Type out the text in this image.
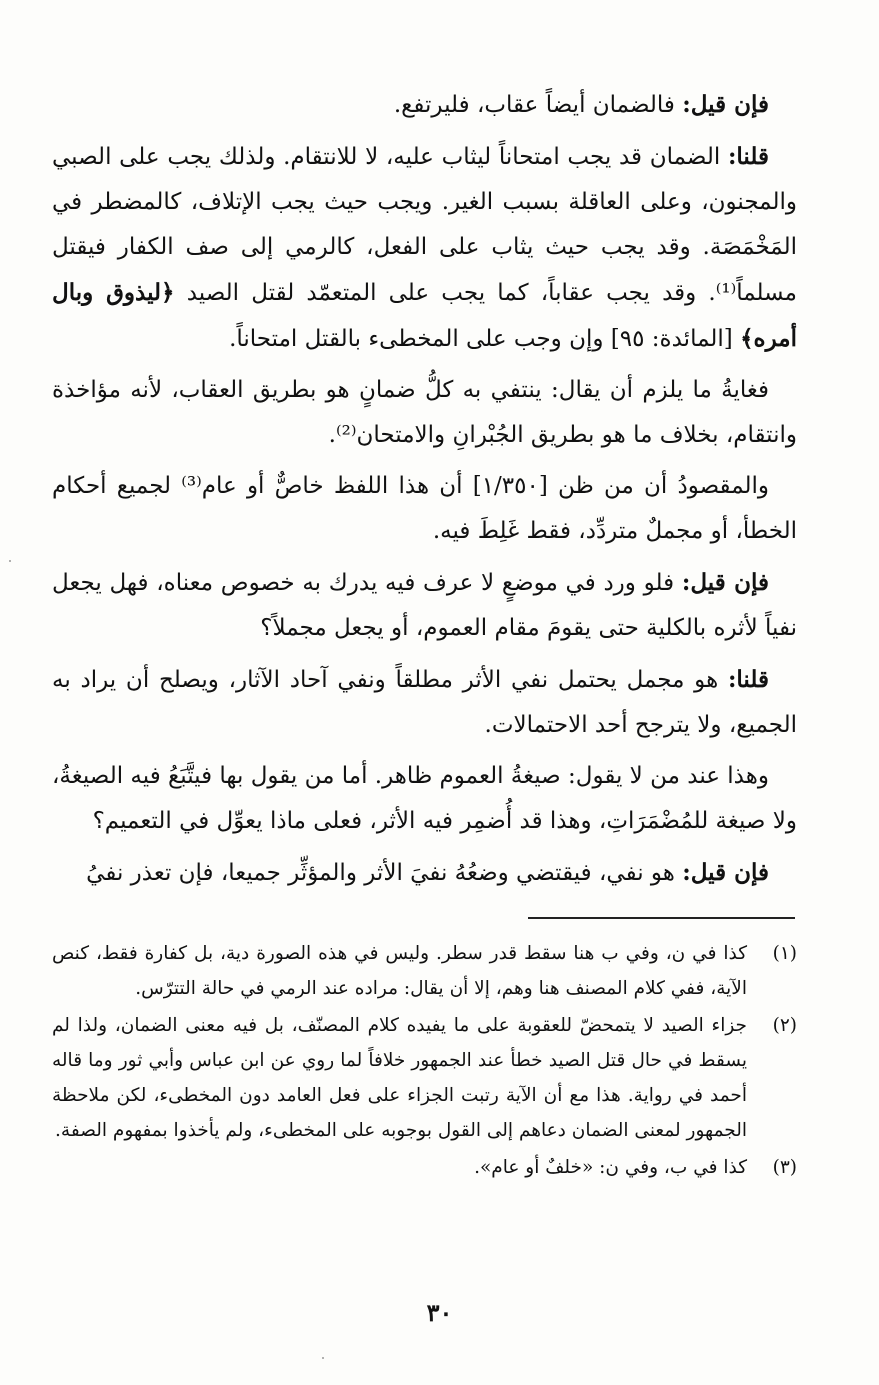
فإن قيل: فالضمان أيضاً عقاب، فليرتفع.

قلنا: الضمان قد يجب امتحاناً ليثاب عليه، لا للانتقام. ولذلك يجب على الصبي والمجنون، وعلى العاقلة بسبب الغير. ويجب حيث يجب الإتلاف، كالمضطر في المَخْمَصَة. وقد يجب حيث يثاب على الفعل، كالرمي إلى صف الكفار فيقتل مسلماً⁽¹⁾. وقد يجب عقاباً، كما يجب على المتعمّد لقتل الصيد ﴿ليذوق وبال أمره﴾ [المائدة: ٩٥] وإن وجب على المخطىء بالقتل امتحاناً.

فغايةُ ما يلزم أن يقال: ينتفي به كلُّ ضمانٍ هو بطريق العقاب، لأنه مؤاخذة وانتقام، بخلاف ما هو بطريق الجُبْرانِ والامتحان⁽²⁾.

والمقصودُ أن من ظن [١/٣٥٠] أن هذا اللفظ خاصٌّ أو عام⁽³⁾ لجميع أحكام الخطأ، أو مجملٌ متردِّد، فقط غَلِطَ فيه.

فإن قيل: فلو ورد في موضعٍ لا عرف فيه يدرك به خصوص معناه، فهل يجعل نفياً لأثره بالكلية حتى يقومَ مقام العموم، أو يجعل مجملاً؟

قلنا: هو مجمل يحتمل نفي الأثر مطلقاً ونفي آحاد الآثار، ويصلح أن يراد به الجميع، ولا يترجح أحد الاحتمالات.

وهذا عند من لا يقول: صيغةُ العموم ظاهر. أما من يقول بها فيتَّبَعُ فيه الصيغةُ، ولا صيغة للمُضْمَرَاتِ، وهذا قد أُضمِر فيه الأثر، فعلى ماذا يعوِّل في التعميم؟

فإن قيل: هو نفي، فيقتضي وضعُهُ نفيَ الأثر والمؤثِّر جميعا، فإن تعذر نفيُ

(١)
كذا في ن، وفي ب هنا سقط قدر سطر. وليس في هذه الصورة دية، بل كفارة فقط، كنص الآية، ففي كلام المصنف هنا وهم، إلا أن يقال: مراده عند الرمي في حالة التترّس.
(٢)
جزاء الصيد لا يتمحضّ للعقوبة على ما يفيده كلام المصنّف، بل فيه معنى الضمان، ولذا لم يسقط في حال قتل الصيد خطأ عند الجمهور خلافاً لما روي عن ابن عباس وأبي ثور وما قاله أحمد في رواية. هذا مع أن الآية رتبت الجزاء على فعل العامد دون المخطىء، لكن ملاحظة الجمهور لمعنى الضمان دعاهم إلى القول بوجوبه على المخطىء، ولم يأخذوا بمفهوم الصفة.
(٣)
كذا في ب، وفي ن: «خلفٌ أو عام».
٣٠
